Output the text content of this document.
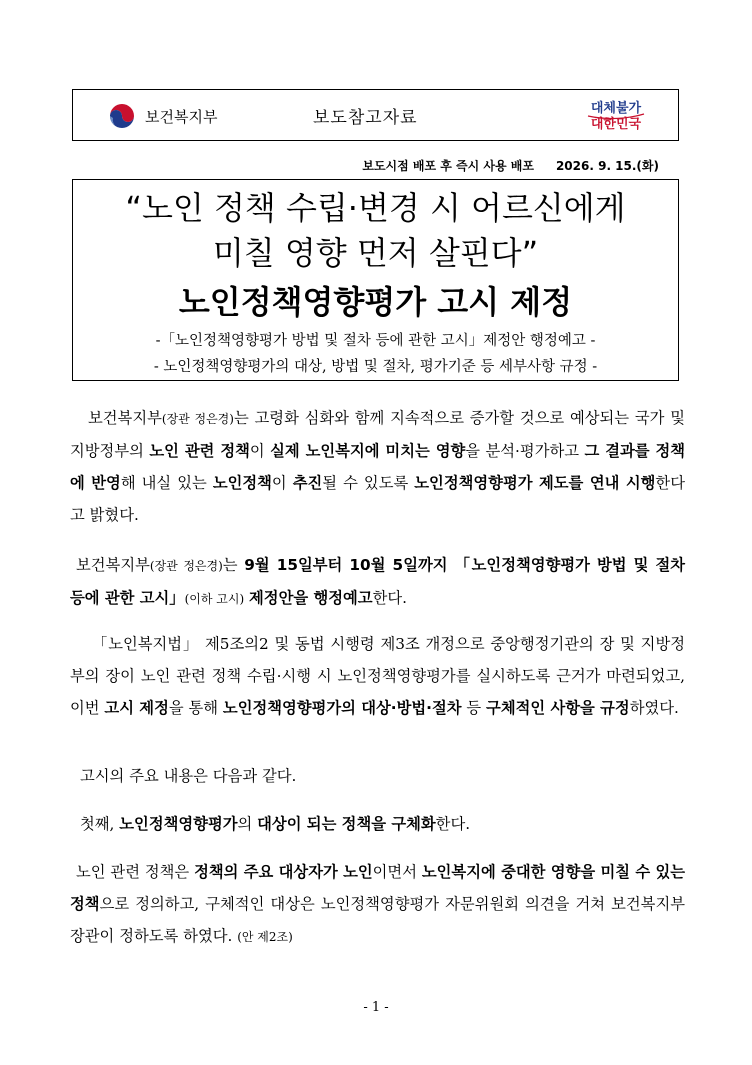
보건복지부	보도참고자료	대체불가
대한민국
보도시점 배포 후 즉시 사용 배포 2026. 9. 15.(화)
“노인 정책 수립·변경 시 어르신에게
미칠 영향 먼저 살핀다”
노인정책영향평가 고시 제정
-「노인정책영향평가 방법 및 절차 등에 관한 고시」제정안 행정예고 -
- 노인정책영향평가의 대상, 방법 및 절차, 평가기준 등 세부사항 규정 -
보건복지부(장관 정은경)는 고령화 심화와 함께 지속적으로 증가할 것으로 예상되는 국가 및 지방정부의 노인 관련 정책이 실제 노인복지에 미치는 영향을 분석·평가하고 그 결과를 정책에 반영해 내실 있는 노인정책이 추진될 수 있도록 노인정책영향평가 제도를 연내 시행한다고 밝혔다.
보건복지부(장관 정은경)는 9월 15일부터 10월 5일까지 「노인정책영향평가 방법 및 절차 등에 관한 고시」(이하 고시) 제정안을 행정예고한다.
「노인복지법」 제5조의2 및 동법 시행령 제3조 개정으로 중앙행정기관의 장 및 지방정부의 장이 노인 관련 정책 수립·시행 시 노인정책영향평가를 실시하도록 근거가 마련되었고, 이번 고시 제정을 통해 노인정책영향평가의 대상·방법·절차 등 구체적인 사항을 규정하였다.
고시의 주요 내용은 다음과 같다.
첫째, 노인정책영향평가의 대상이 되는 정책을 구체화한다.
노인 관련 정책은 정책의 주요 대상자가 노인이면서 노인복지에 중대한 영향을 미칠 수 있는 정책으로 정의하고, 구체적인 대상은 노인정책영향평가 자문위원회 의견을 거쳐 보건복지부 장관이 정하도록 하였다. (안 제2조)
- 1 -
